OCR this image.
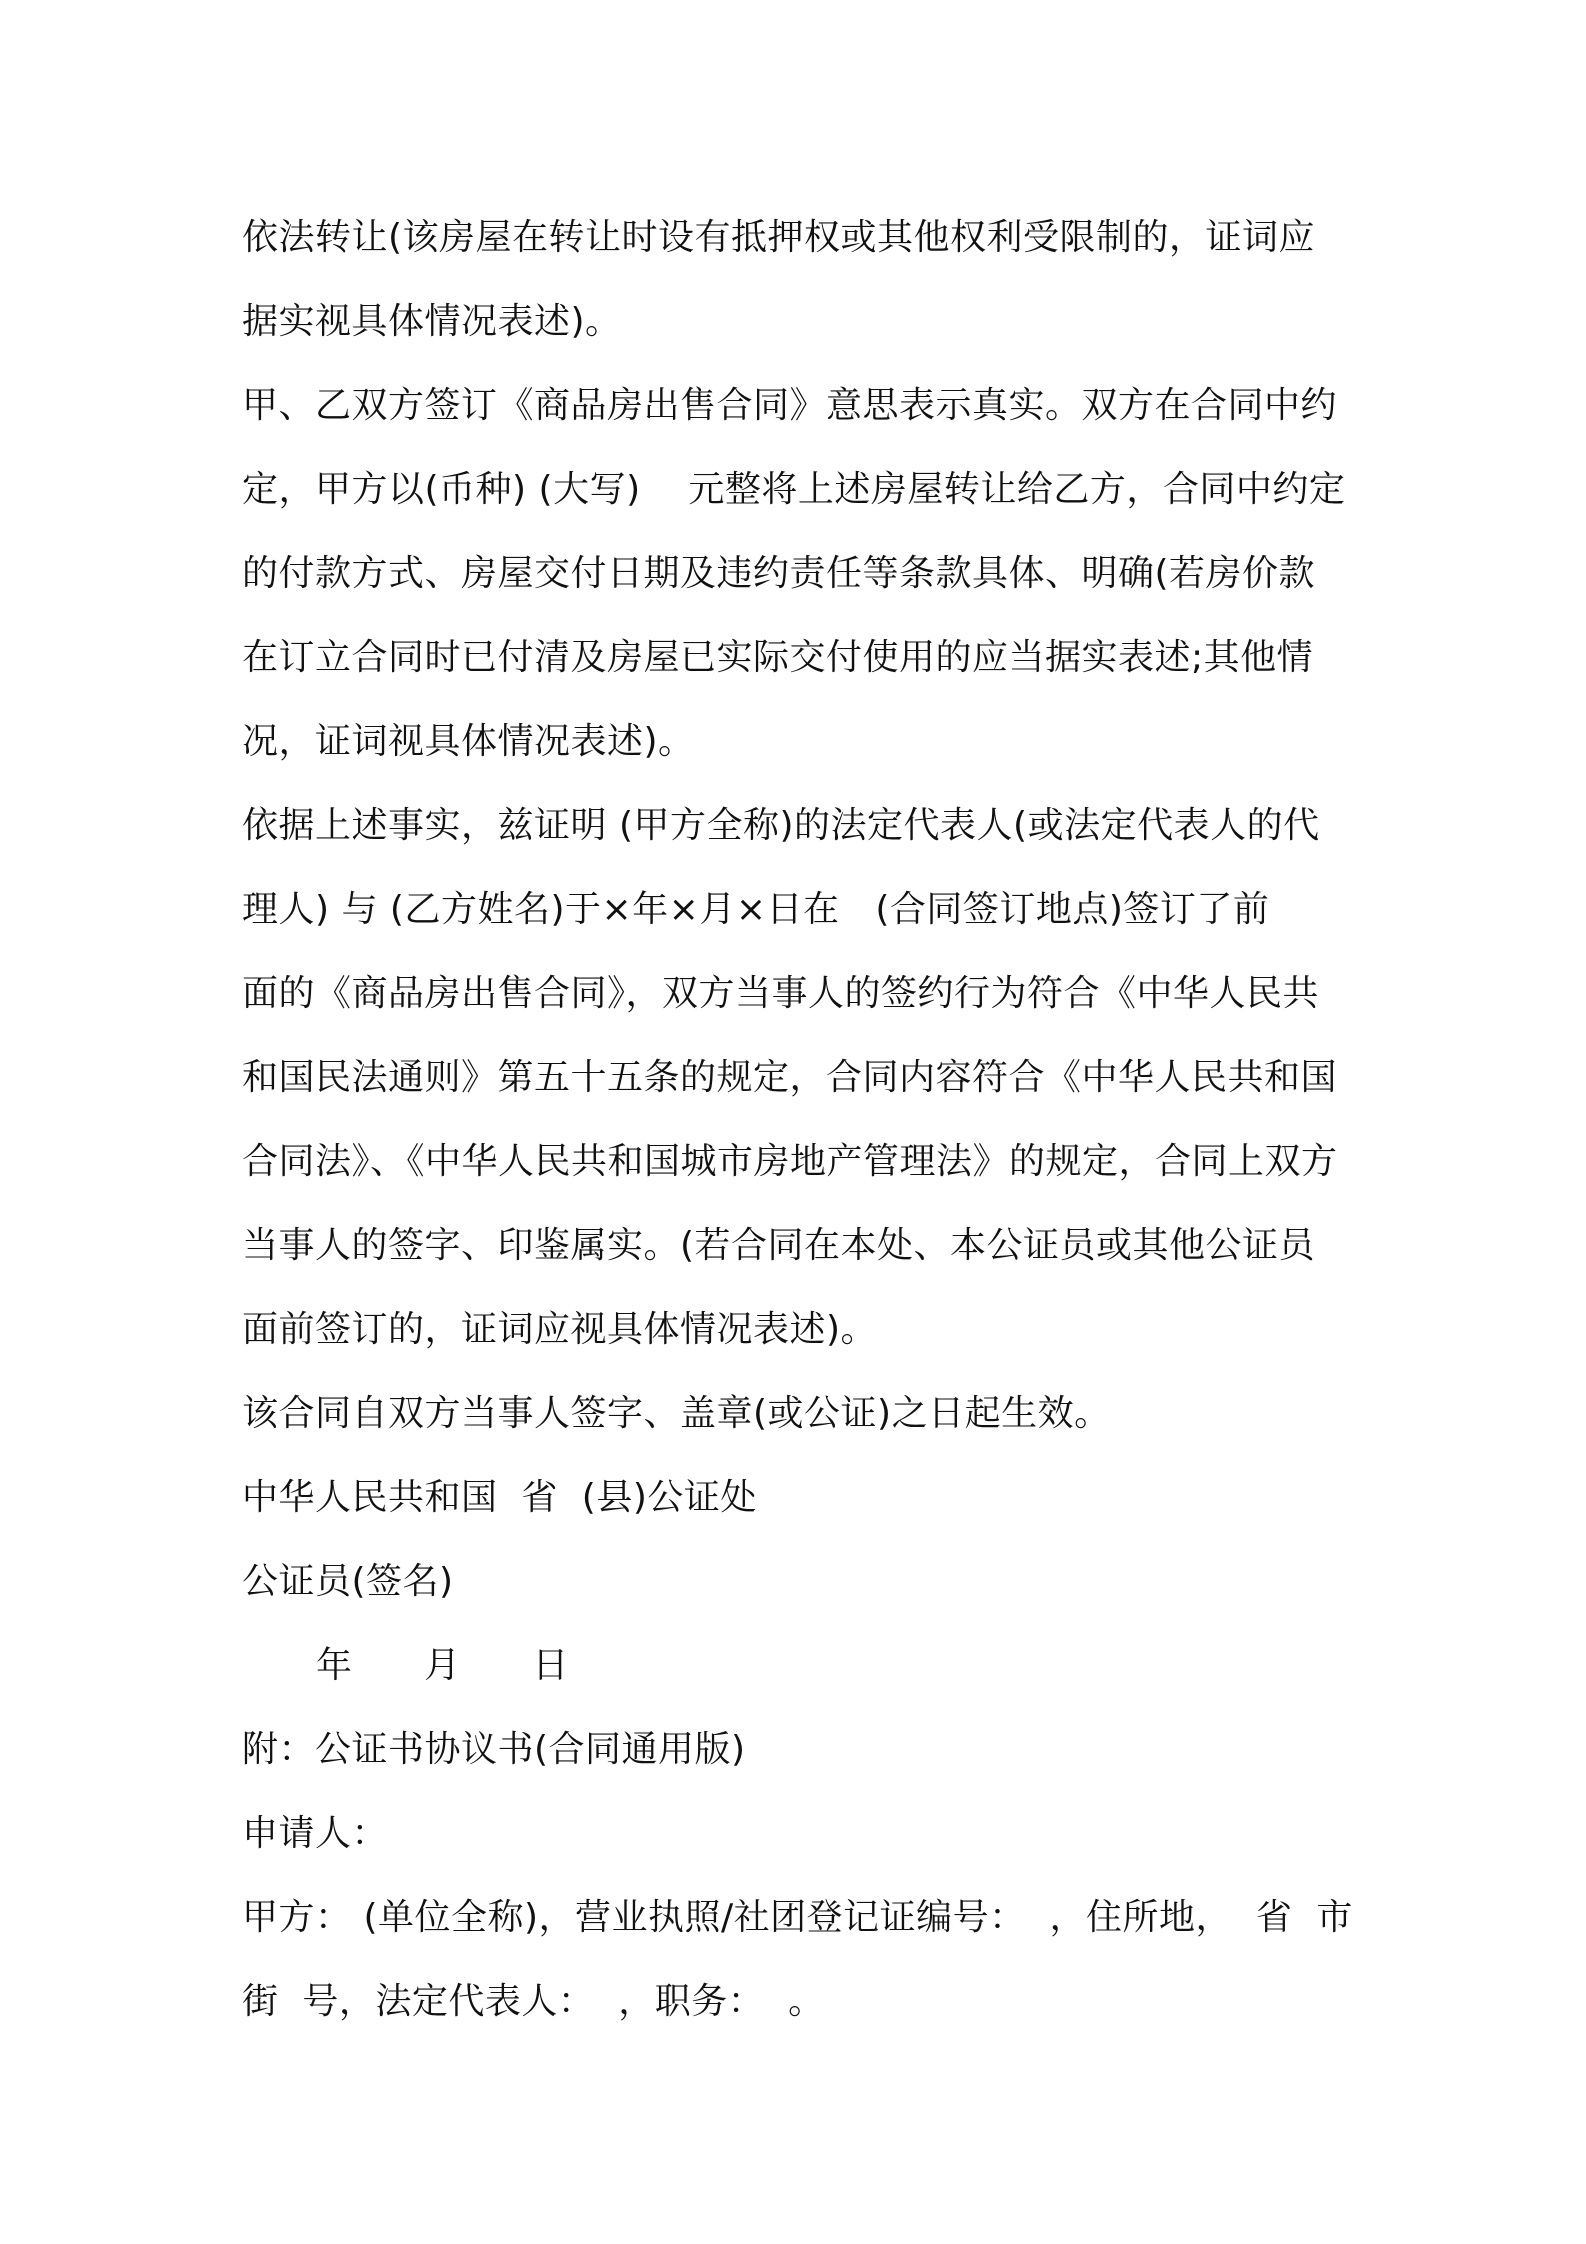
依法转让(该房屋在转让时设有抵押权或其他权利受限制的，证词应
据实视具体情况表述)。
甲、乙双方签订《商品房出售合同》意思表示真实。双方在合同中约
定，甲方以(币种) (大写)    元整将上述房屋转让给乙方，合同中约定
的付款方式、房屋交付日期及违约责任等条款具体、明确(若房价款
在订立合同时已付清及房屋已实际交付使用的应当据实表述;其他情
况，证词视具体情况表述)。
依据上述事实，兹证明 (甲方全称)的法定代表人(或法定代表人的代
理人) 与 (乙方姓名)于×年×月×日在   (合同签订地点)签订了前
面的《商品房出售合同》，双方当事人的签约行为符合《中华人民共
和国民法通则》第五十五条的规定，合同内容符合《中华人民共和国
合同法》、《中华人民共和国城市房地产管理法》的规定，合同上双方
当事人的签字、印鉴属实。(若合同在本处、本公证员或其他公证员
面前签订的，证词应视具体情况表述)。
该合同自双方当事人签字、盖章(或公证)之日起生效。
中华人民共和国  省  (县)公证处
公证员(签名)
年      月      日
附：公证书协议书(合同通用版)
申请人：
甲方： (单位全称)，营业执照/社团登记证编号：  ，住所地，  省  市
街  号，法定代表人：  ，职务：  。
